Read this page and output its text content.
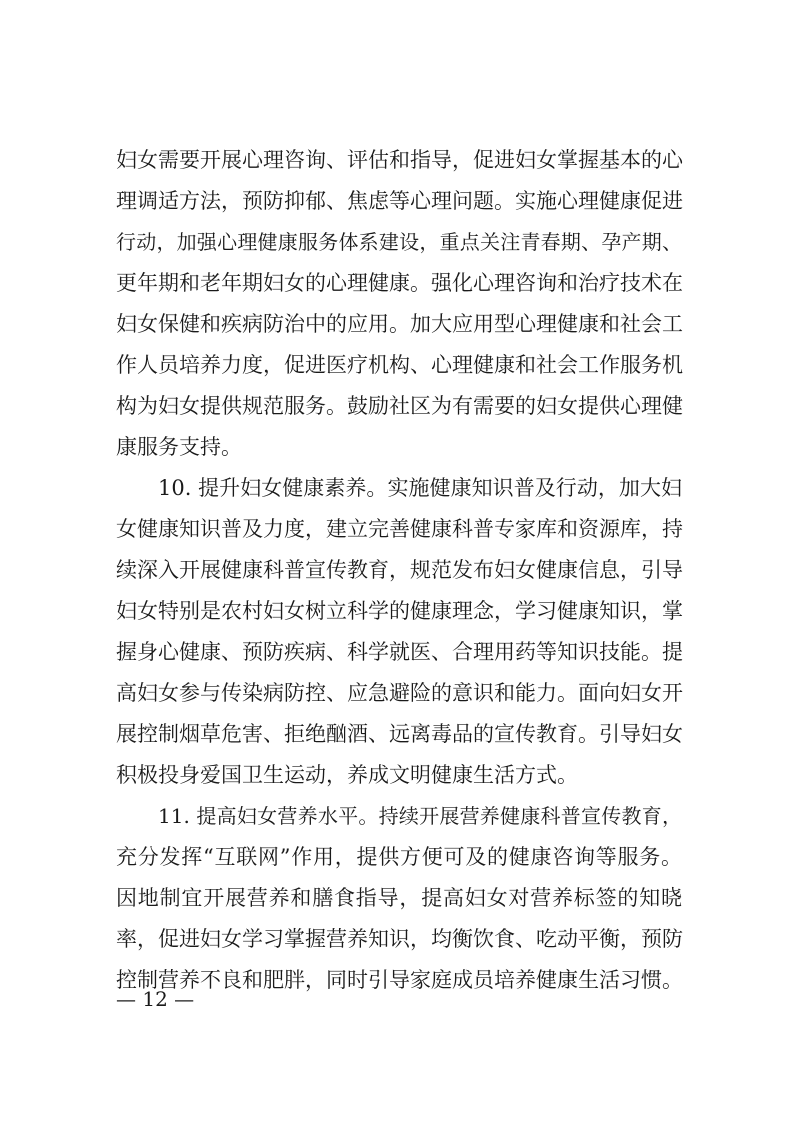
妇女需要开展心理咨询、评估和指导，促进妇女掌握基本的心
理调适方法，预防抑郁、焦虑等心理问题。实施心理健康促进
行动，加强心理健康服务体系建设，重点关注青春期、孕产期、
更年期和老年期妇女的心理健康。强化心理咨询和治疗技术在
妇女保健和疾病防治中的应用。加大应用型心理健康和社会工
作人员培养力度，促进医疗机构、心理健康和社会工作服务机
构为妇女提供规范服务。鼓励社区为有需要的妇女提供心理健
康服务支持。
10. 提升妇女健康素养。实施健康知识普及行动，加大妇
女健康知识普及力度，建立完善健康科普专家库和资源库，持
续深入开展健康科普宣传教育，规范发布妇女健康信息，引导
妇女特别是农村妇女树立科学的健康理念，学习健康知识，掌
握身心健康、预防疾病、科学就医、合理用药等知识技能。提
高妇女参与传染病防控、应急避险的意识和能力。面向妇女开
展控制烟草危害、拒绝酗酒、远离毒品的宣传教育。引导妇女
积极投身爱国卫生运动，养成文明健康生活方式。
11. 提高妇女营养水平。持续开展营养健康科普宣传教育，
充分发挥“互联网”作用，提供方便可及的健康咨询等服务。
因地制宜开展营养和膳食指导，提高妇女对营养标签的知晓
率，促进妇女学习掌握营养知识，均衡饮食、吃动平衡，预防
控制营养不良和肥胖，同时引导家庭成员培养健康生活习惯。
— 12 —
